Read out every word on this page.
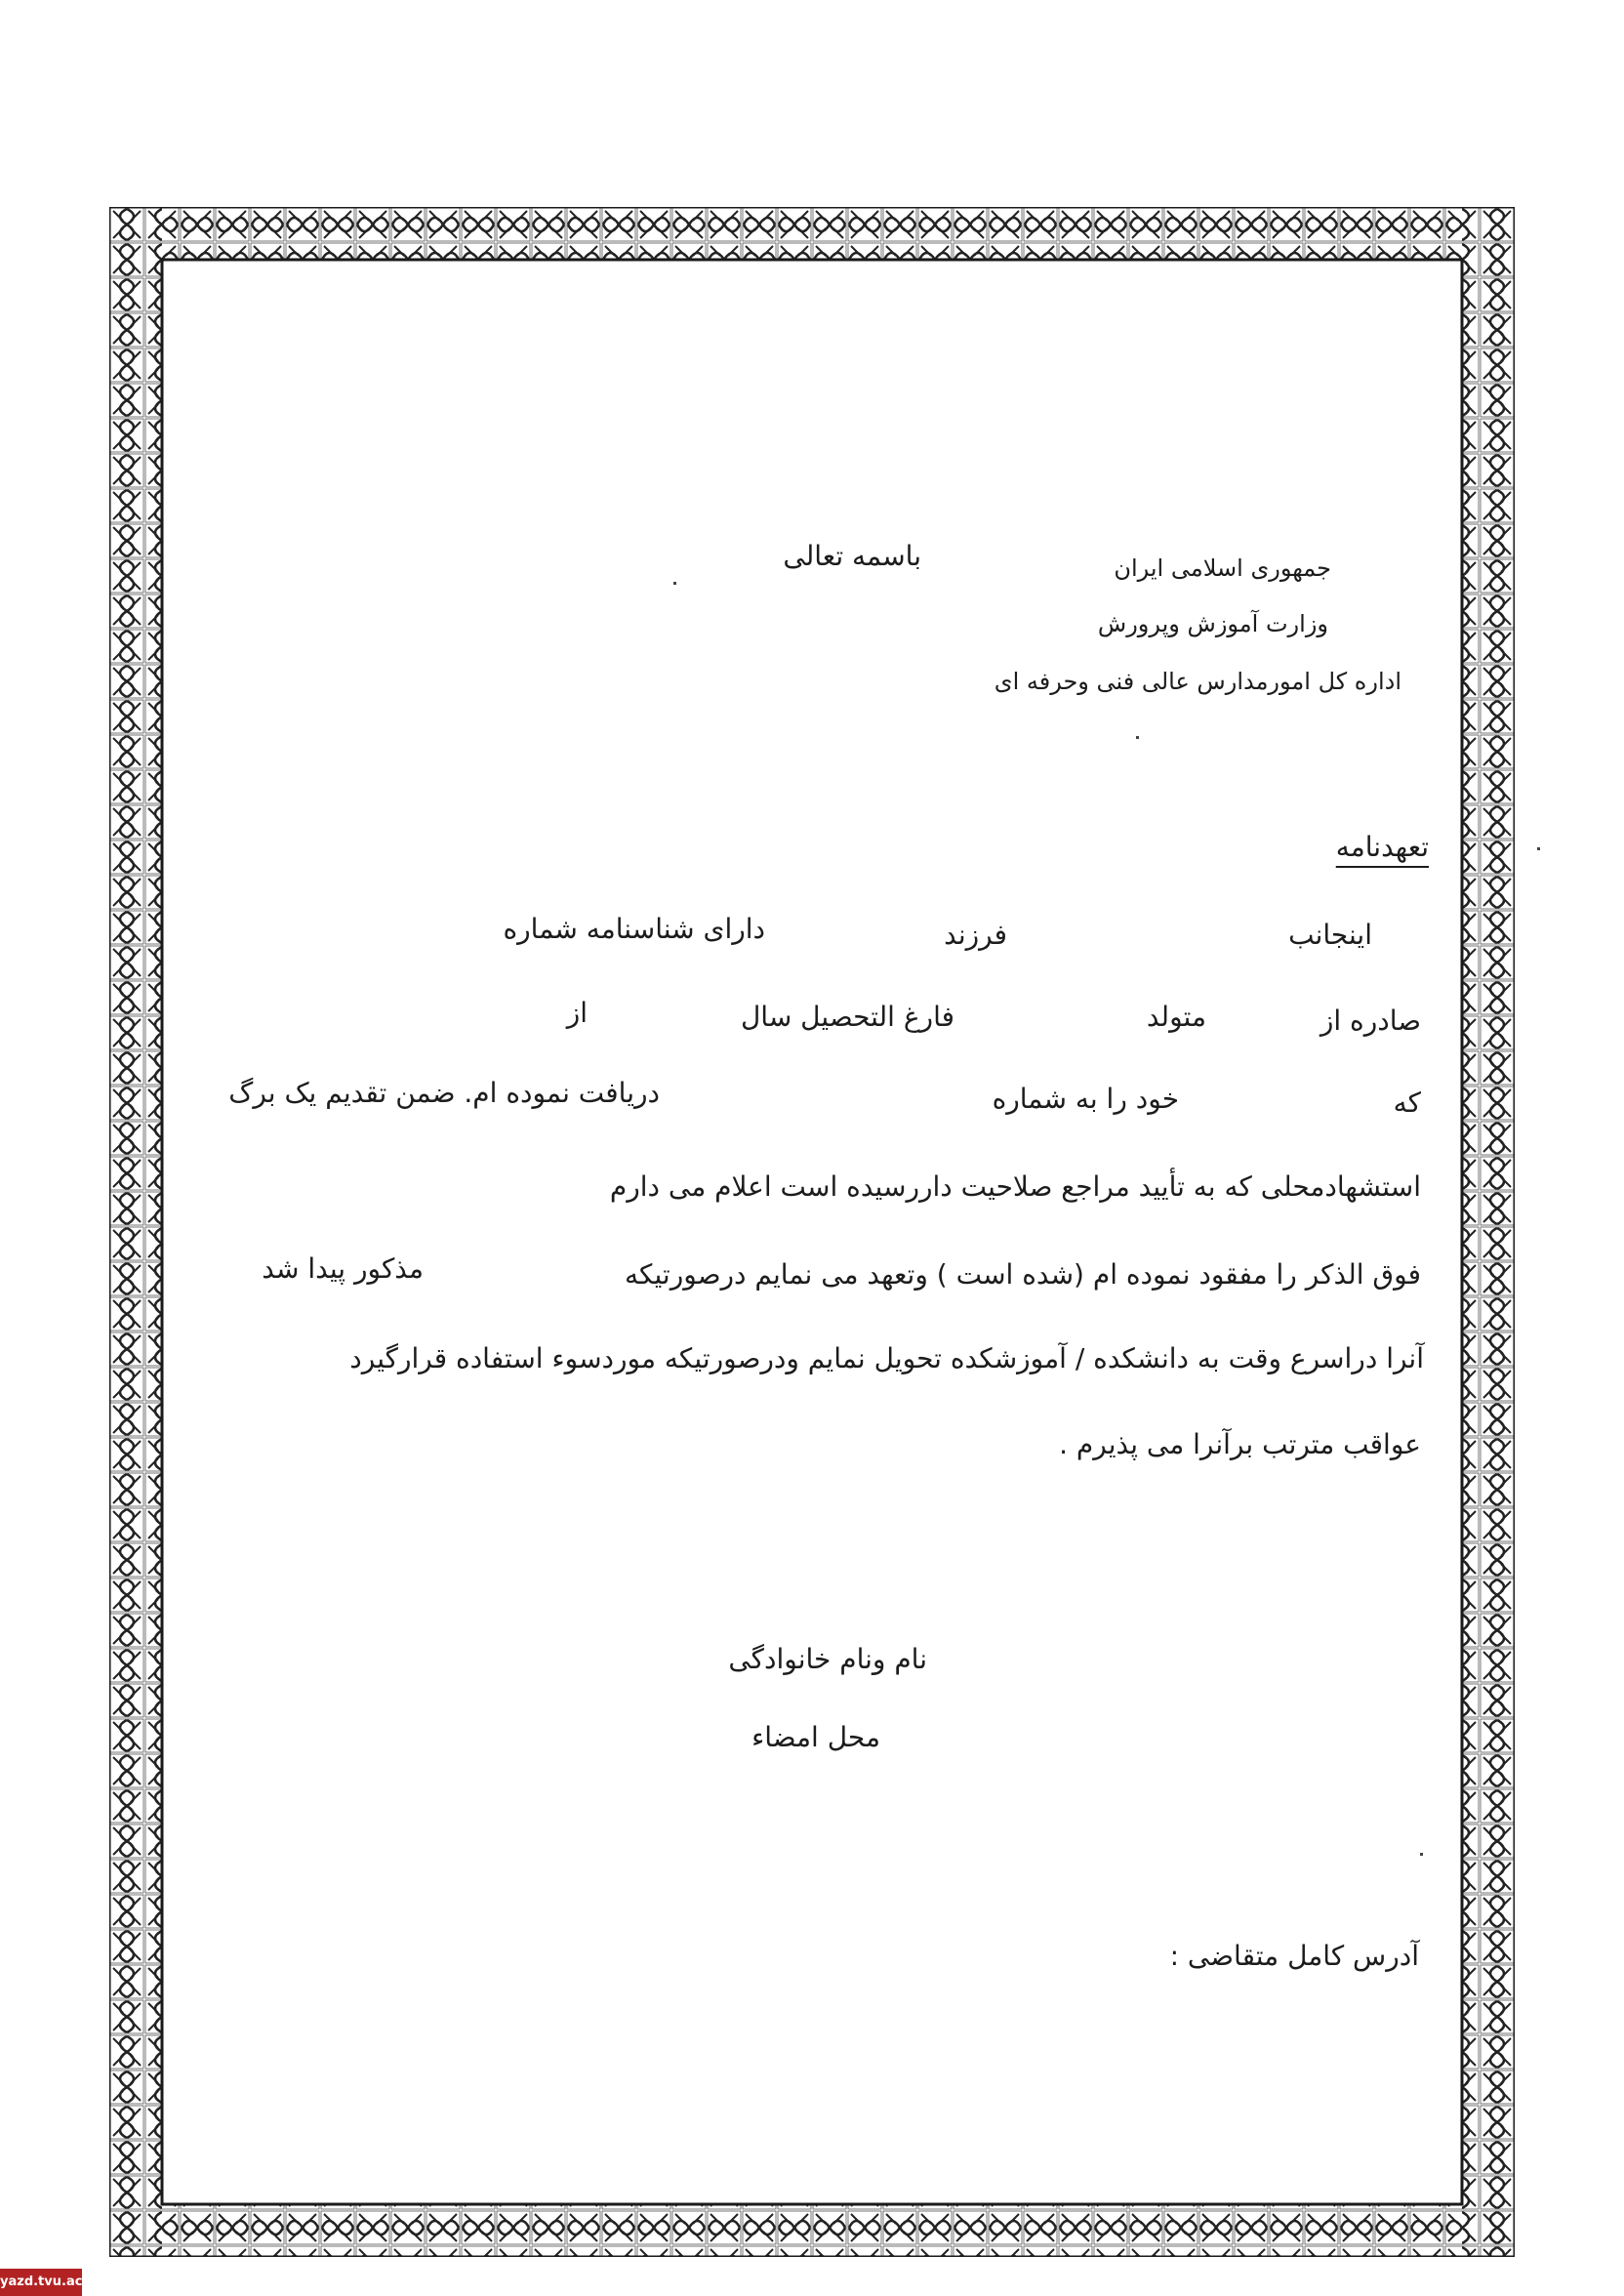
باسمه تعالی	جمهوری اسلامی ایران
وزارت آموزش وپرورش
اداره کل امورمدارس عالی فنی وحرفه ای
تعهدنامه
اینجانب
فرزند
دارای شناسنامه شماره
صادره از
متولد
فارغ التحصیل سال
از
که
خود را به شماره
دریافت نموده ام. ضمن تقدیم یک برگ
استشهادمحلی که به تأیید مراجع صلاحیت داررسیده است اعلام می دارم
فوق الذکر را مفقود نموده ام (شده است ) وتعهد می نمایم درصورتیکه
مذکور پیدا شد
آنرا دراسرع وقت به دانشکده / آموزشکده تحویل نمایم ودرصورتیکه موردسوء استفاده قرارگیرد
عواقب مترتب برآنرا می پذیرم .
نام ونام خانوادگی
محل امضاء
آدرس کامل متقاضی :
yazd.tvu.ac.ir
